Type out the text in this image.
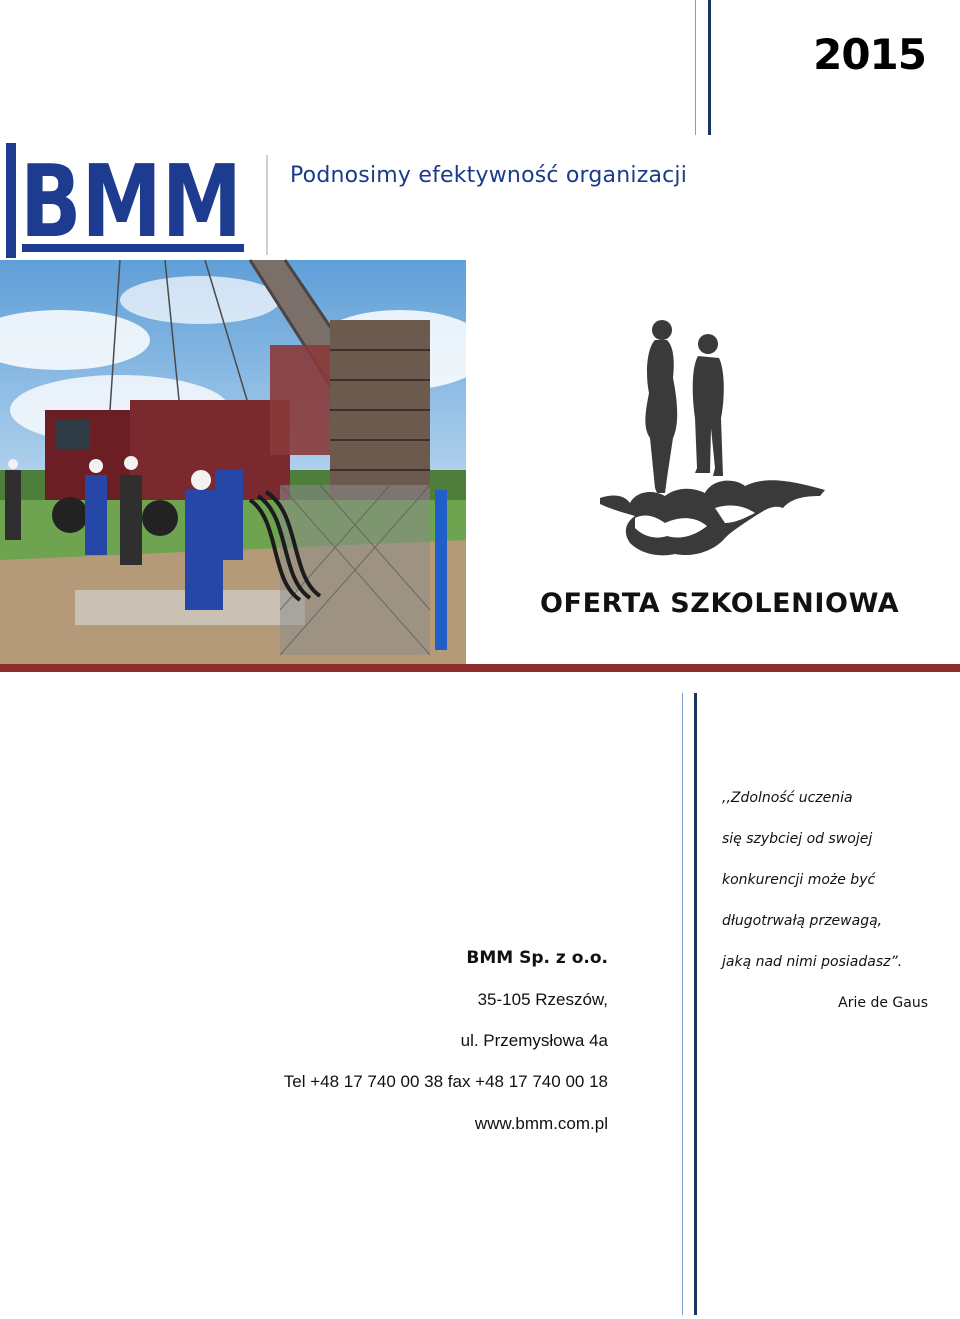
2015
BMM Podnosimy efektywność organizacji
OFERTA SZKOLENIOWA
BMM Sp. z o.o.
35-105 Rzeszów,
ul. Przemysłowa 4a
Tel +48 17 740 00 38 fax +48 17 740 00 18
www.bmm.com.pl
,,Zdolność uczenia
się szybciej od swojej
konkurencji może być
długotrwałą przewagą,
jaką nad nimi posiadasz”.
Arie de Gaus
